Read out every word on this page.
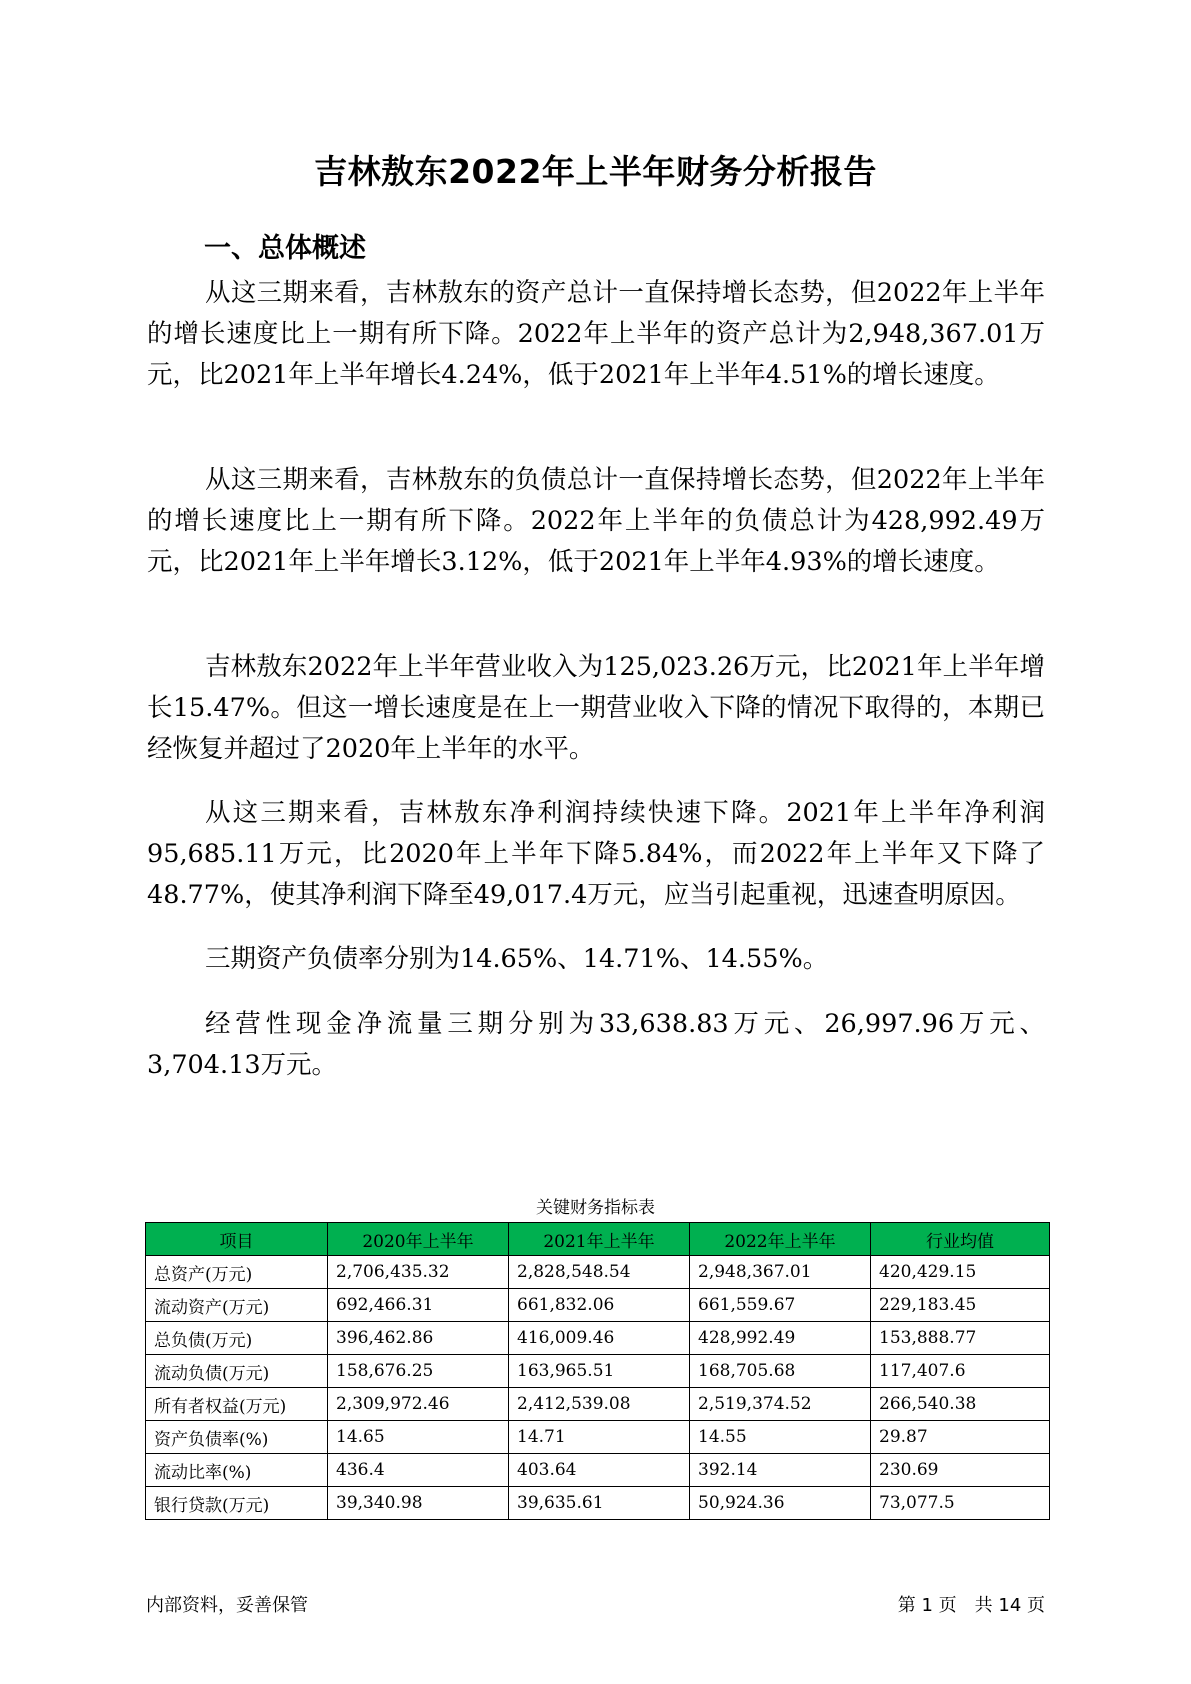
吉林敖东2022年上半年财务分析报告
一、总体概述

从这三期来看，吉林敖东的资产总计一直保持增长态势，但2022年上半年的增长速度比上一期有所下降。2022年上半年的资产总计为2,948,367.01万元，比2021年上半年增长4.24%，低于2021年上半年4.51%的增长速度。

从这三期来看，吉林敖东的负债总计一直保持增长态势，但2022年上半年的增长速度比上一期有所下降。2022年上半年的负债总计为428,992.49万元，比2021年上半年增长3.12%，低于2021年上半年4.93%的增长速度。

吉林敖东2022年上半年营业收入为125,023.26万元，比2021年上半年增长15.47%。但这一增长速度是在上一期营业收入下降的情况下取得的，本期已经恢复并超过了2020年上半年的水平。

从这三期来看，吉林敖东净利润持续快速下降。2021年上半年净利润95,685.11万元，比2020年上半年下降5.84%，而2022年上半年又下降了48.77%，使其净利润下降至49,017.4万元，应当引起重视，迅速查明原因。

三期资产负债率分别为14.65%、14.71%、14.55%。

经营性现金净流量三期分别为33,638.83万元、26,997.96万元、3,704.13万元。

关键财务指标表
项目	2020年上半年	2021年上半年	2022年上半年	行业均值
总资产(万元)	2,706,435.32	2,828,548.54	2,948,367.01	420,429.15
流动资产(万元)	692,466.31	661,832.06	661,559.67	229,183.45
总负债(万元)	396,462.86	416,009.46	428,992.49	153,888.77
流动负债(万元)	158,676.25	163,965.51	168,705.68	117,407.6
所有者权益(万元)	2,309,972.46	2,412,539.08	2,519,374.52	266,540.38
资产负债率(%)	14.65	14.71	14.55	29.87
流动比率(%)	436.4	403.64	392.14	230.69
银行贷款(万元)	39,340.98	39,635.61	50,924.36	73,077.5
内部资料，妥善保管	第 1 页　共 14 页
